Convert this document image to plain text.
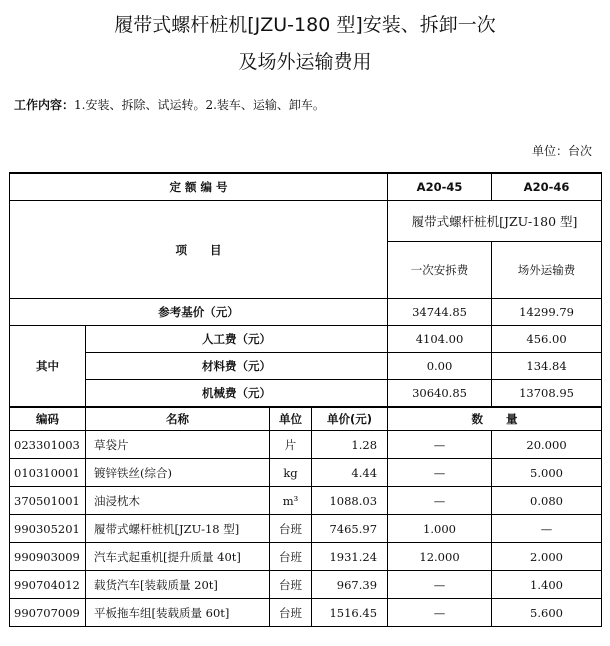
履带式螺杆桩机[JZU-180 型]安装、拆卸一次
及场外运输费用
工作内容：1.安装、拆除、试运转。2.装车、运输、卸车。
单位：台次
定 额 编 号				A20-45	A20-46
项　　目				履带式螺杆桩机[JZU-180 型]	
				一次安拆费	场外运输费
参考基价（元）				34744.85	14299.79
其中	人工费（元）			4104.00	456.00
	材料费（元）			0.00	134.84
	机械费（元）			30640.85	13708.95
编码	名称	单位	单价(元)	数　　量	
023301003	草袋片	片	1.28	—	20.000
010310001	镀锌铁丝(综合)	kg	4.44	—	5.000
370501001	油浸枕木	m³	1088.03	—	0.080
990305201	履带式螺杆桩机[JZU-18 型]	台班	7465.97	1.000	—
990903009	汽车式起重机[提升质量 40t]	台班	1931.24	12.000	2.000
990704012	载货汽车[装载质量 20t]	台班	967.39	—	1.400
990707009	平板拖车组[装载质量 60t]	台班	1516.45	—	5.600
